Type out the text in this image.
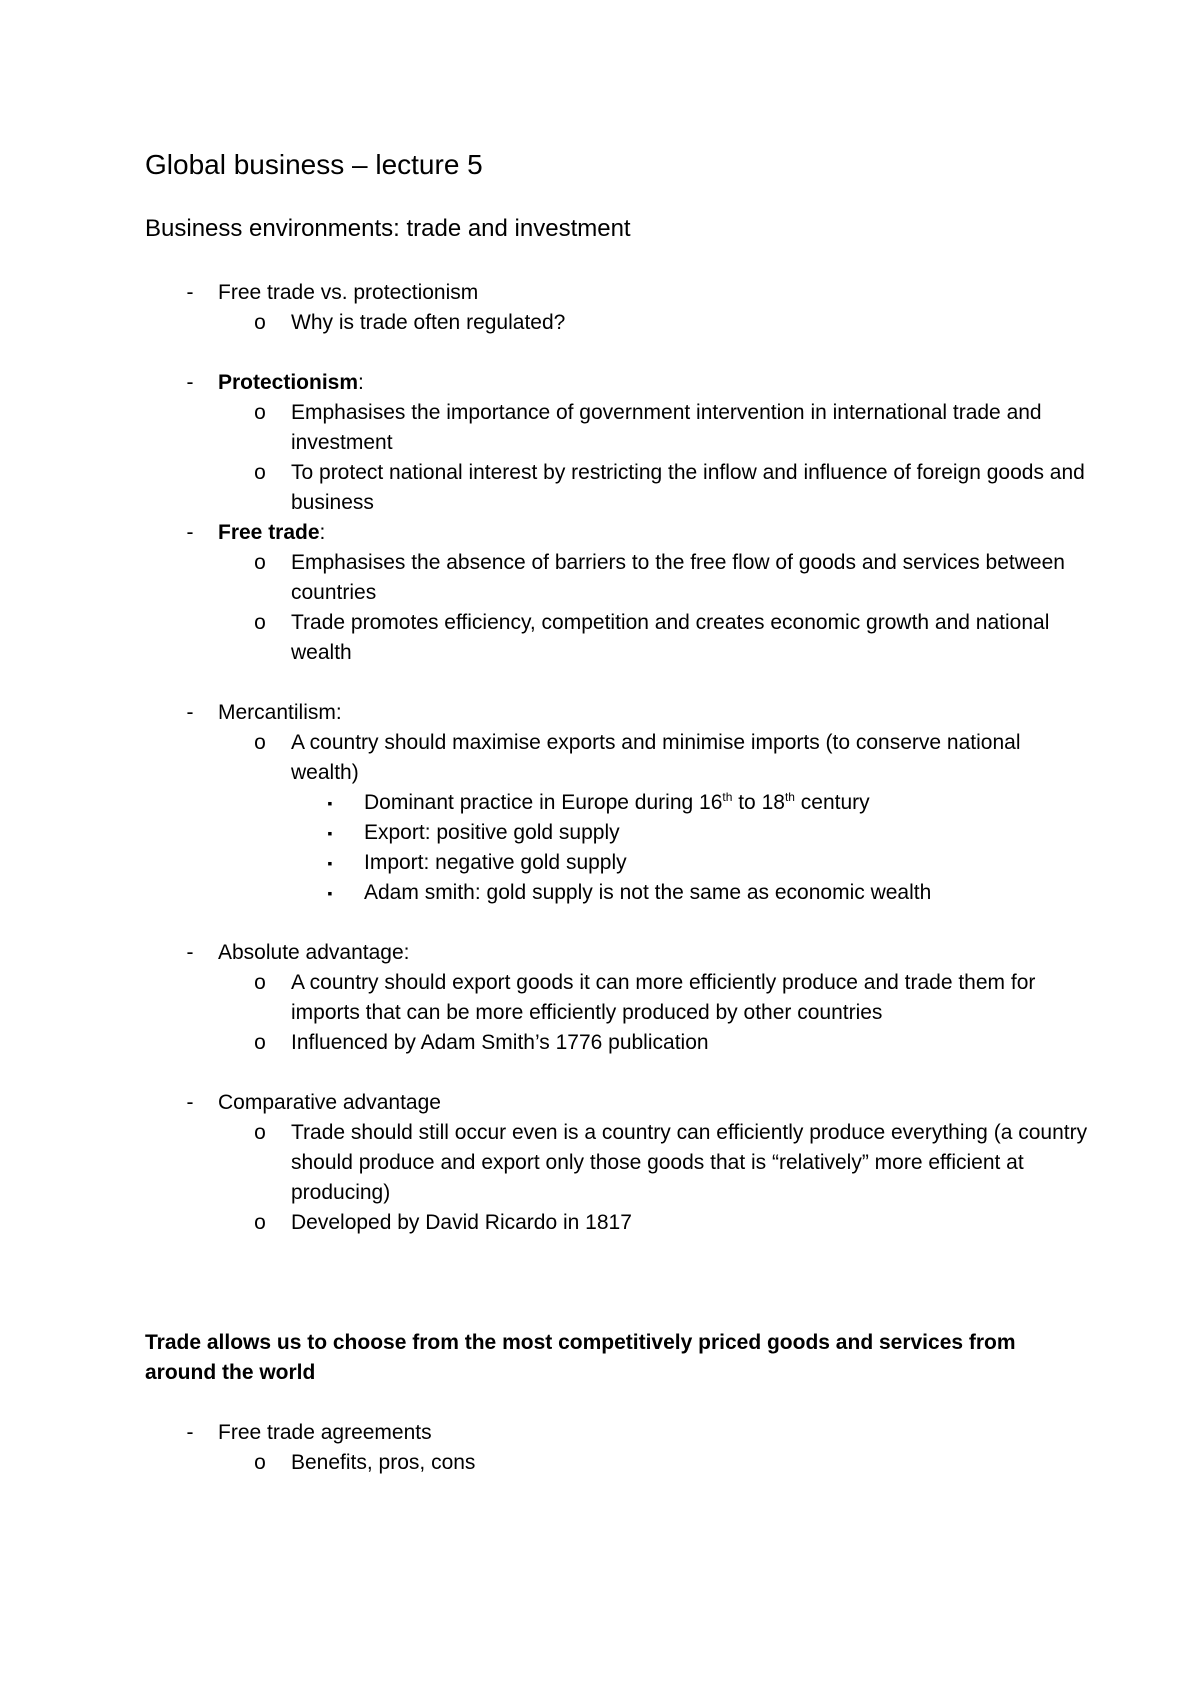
Global business – lecture 5
Business environments: trade and investment
-	Free trade vs. protectionism
o Why is trade often regulated?
-	Protectionism:
o Emphasises the importance of government intervention in international trade and investment
o To protect national interest by restricting the inflow and influence of foreign goods and business
-	Free trade:
o Emphasises the absence of barriers to the free flow of goods and services between countries
o Trade promotes efficiency, competition and creates economic growth and national wealth
-	Mercantilism:
o A country should maximise exports and minimise imports (to conserve national wealth)
▪	Dominant practice in Europe during 16th to 18th century
▪	Export: positive gold supply
▪	Import: negative gold supply
▪	Adam smith: gold supply is not the same as economic wealth
-	Absolute advantage:
o A country should export goods it can more efficiently produce and trade them for imports that can be more efficiently produced by other countries
o Influenced by Adam Smith’s 1776 publication
-	Comparative advantage
o Trade should still occur even is a country can efficiently produce everything (a country should produce and export only those goods that is “relatively” more efficient at producing)
o Developed by David Ricardo in 1817
Trade allows us to choose from the most competitively priced goods and services from around the world
-	Free trade agreements
o Benefits, pros, cons
